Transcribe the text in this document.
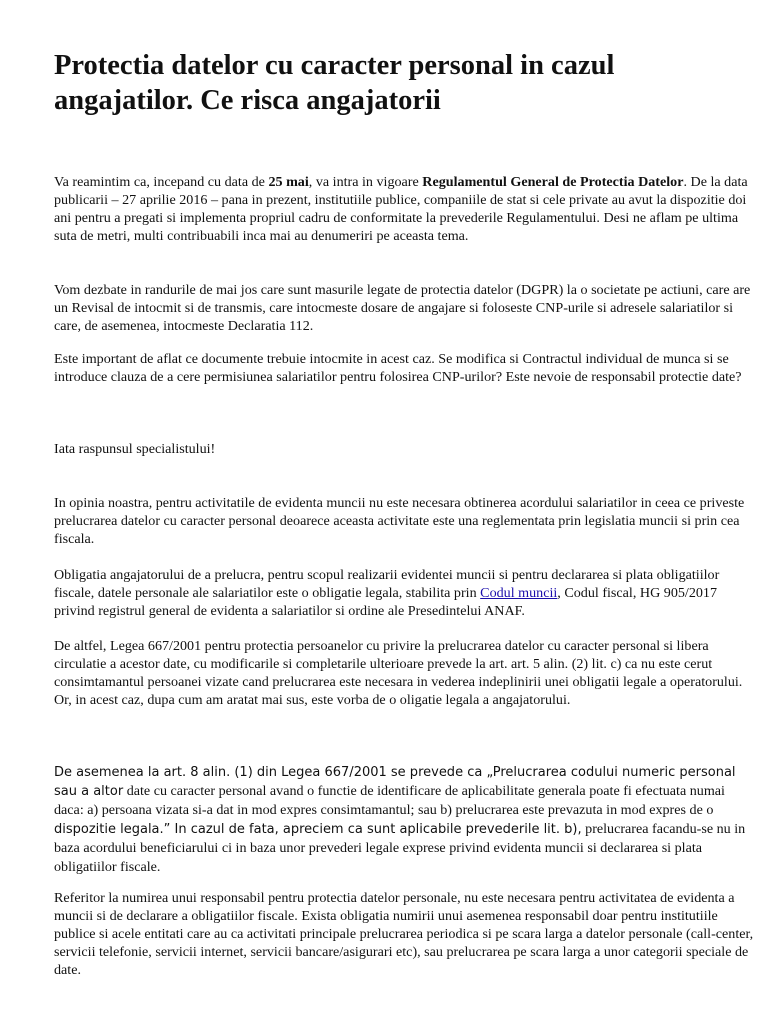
Protectia datelor cu caracter personal in cazul angajatilor. Ce risca angajatorii

Va reamintim ca, incepand cu data de 25 mai, va intra in vigoare Regulamentul General de Protectia Datelor. De la data publicarii – 27 aprilie 2016 – pana in prezent, institutiile publice, companiile de stat si cele private au avut la dispozitie doi ani pentru a pregati si implementa propriul cadru de conformitate la prevederile Regulamentului. Desi ne aflam pe ultima suta de metri, multi contribuabili inca mai au denumeriri pe aceasta tema.

Vom dezbate in randurile de mai jos care sunt masurile legate de protectia datelor (DGPR) la o societate pe actiuni, care are un Revisal de intocmit si de transmis, care intocmeste dosare de angajare si foloseste CNP-urile si adresele salariatilor si care, de asemenea, intocmeste Declaratia 112.

Este important de aflat ce documente trebuie intocmite in acest caz. Se modifica si Contractul individual de munca si se introduce clauza de a cere permisiunea salariatilor pentru folosirea CNP-urilor? Este nevoie de responsabil protectie date?

Iata raspunsul specialistului!

In opinia noastra, pentru activitatile de evidenta muncii nu este necesara obtinerea acordului salariatilor in ceea ce priveste prelucrarea datelor cu caracter personal deoarece aceasta activitate este una reglementata prin legislatia muncii si prin cea fiscala.

Obligatia angajatorului de a prelucra, pentru scopul realizarii evidentei muncii si pentru declararea si plata obligatiilor fiscale, datele personale ale salariatilor este o obligatie legala, stabilita prin Codul muncii, Codul fiscal, HG 905/2017 privind registrul general de evidenta a salariatilor si ordine ale Presedintelui ANAF.

De altfel, Legea 667/2001 pentru protectia persoanelor cu privire la prelucrarea datelor cu caracter personal si libera circulatie a acestor date, cu modificarile si completarile ulterioare prevede la art. art. 5 alin. (2) lit. c) ca nu este cerut consimtamantul persoanei vizate cand prelucrarea este necesara in vederea indeplinirii unei obligatii legale a operatorului. Or, in acest caz, dupa cum am aratat mai sus, este vorba de o oligatie legala a angajatorului.

De asemenea la art. 8 alin. (1) din Legea 667/2001 se prevede ca „Prelucrarea codului numeric personal sau a altor date cu caracter personal avand o functie de identificare de aplicabilitate generala poate fi efectuata numai daca: a) persoana vizata si-a dat in mod expres consimtamantul; sau b) prelucrarea este prevazuta in mod expres de o dispozitie legala.” In cazul de fata, apreciem ca sunt aplicabile prevederile lit. b), prelucrarea facandu-se nu in baza acordului beneficiarului ci in baza unor prevederi legale exprese privind evidenta muncii si declararea si plata obligatiilor fiscale.

Referitor la numirea unui responsabil pentru protectia datelor personale, nu este necesara pentru activitatea de evidenta a muncii si de declarare a obligatiilor fiscale. Exista obligatia numirii unui asemenea responsabil doar pentru institutiile publice si acele entitati care au ca activitati principale prelucrarea periodica si pe scara larga a datelor personale (call-center, servicii telefonie, servicii internet, servicii bancare/asigurari etc), sau prelucrarea pe scara larga a unor categorii speciale de date.
